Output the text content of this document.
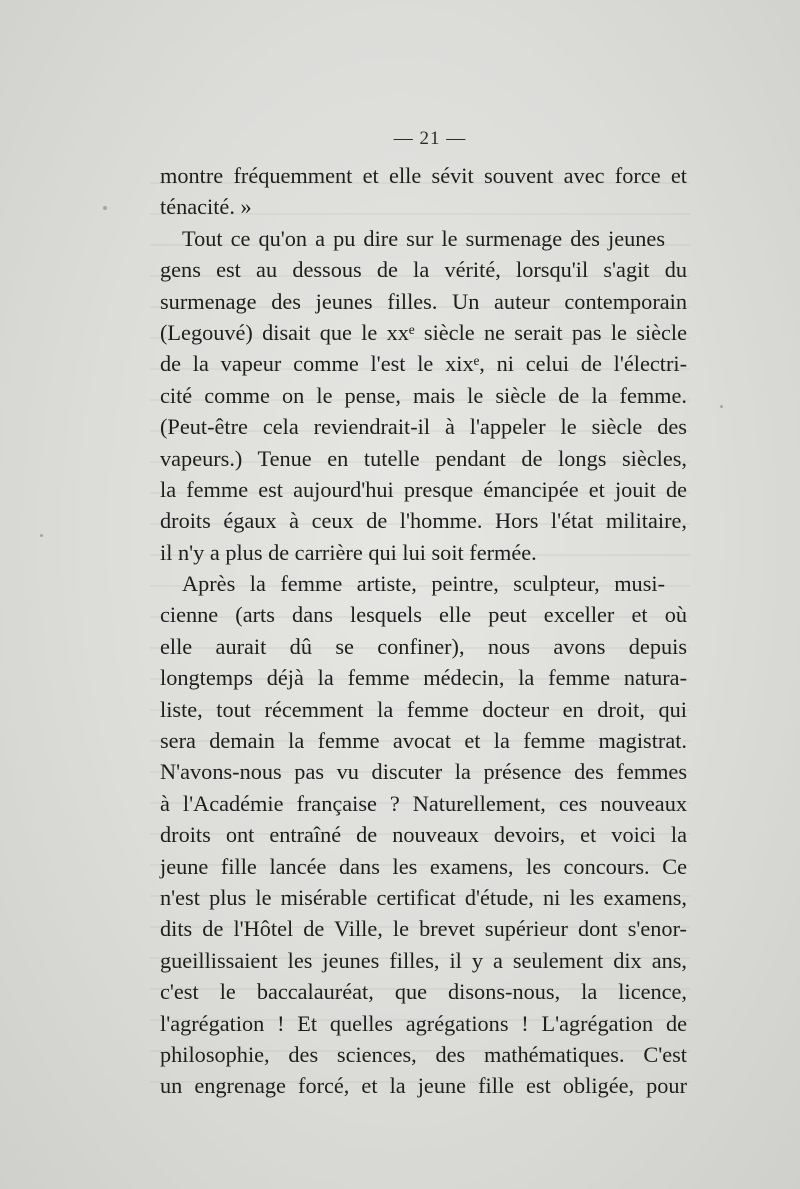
— 21 —
montre fréquemment et elle sévit souvent avec force et
ténacité. »
Tout ce qu'on a pu dire sur le surmenage des jeunes
gens est au dessous de la vérité, lorsqu'il s'agit du
surmenage des jeunes filles. Un auteur contemporain
(Legouvé) disait que le xxᵉ siècle ne serait pas le siècle
de la vapeur comme l'est le xixᵉ, ni celui de l'électri-
cité comme on le pense, mais le siècle de la femme.
(Peut-être cela reviendrait-il à l'appeler le siècle des
vapeurs.) Tenue en tutelle pendant de longs siècles,
la femme est aujourd'hui presque émancipée et jouit de
droits égaux à ceux de l'homme. Hors l'état militaire,
il n'y a plus de carrière qui lui soit fermée.
Après la femme artiste, peintre, sculpteur, musi-
cienne (arts dans lesquels elle peut exceller et où
elle aurait dû se confiner), nous avons depuis
longtemps déjà la femme médecin, la femme natura-
liste, tout récemment la femme docteur en droit, qui
sera demain la femme avocat et la femme magistrat.
N'avons-nous pas vu discuter la présence des femmes
à l'Académie française ? Naturellement, ces nouveaux
droits ont entraîné de nouveaux devoirs, et voici la
jeune fille lancée dans les examens, les concours. Ce
n'est plus le misérable certificat d'étude, ni les examens,
dits de l'Hôtel de Ville, le brevet supérieur dont s'enor-
gueillissaient les jeunes filles, il y a seulement dix ans,
c'est le baccalauréat, que disons-nous, la licence,
l'agrégation ! Et quelles agrégations ! L'agrégation de
philosophie, des sciences, des mathématiques. C'est
un engrenage forcé, et la jeune fille est obligée, pour
